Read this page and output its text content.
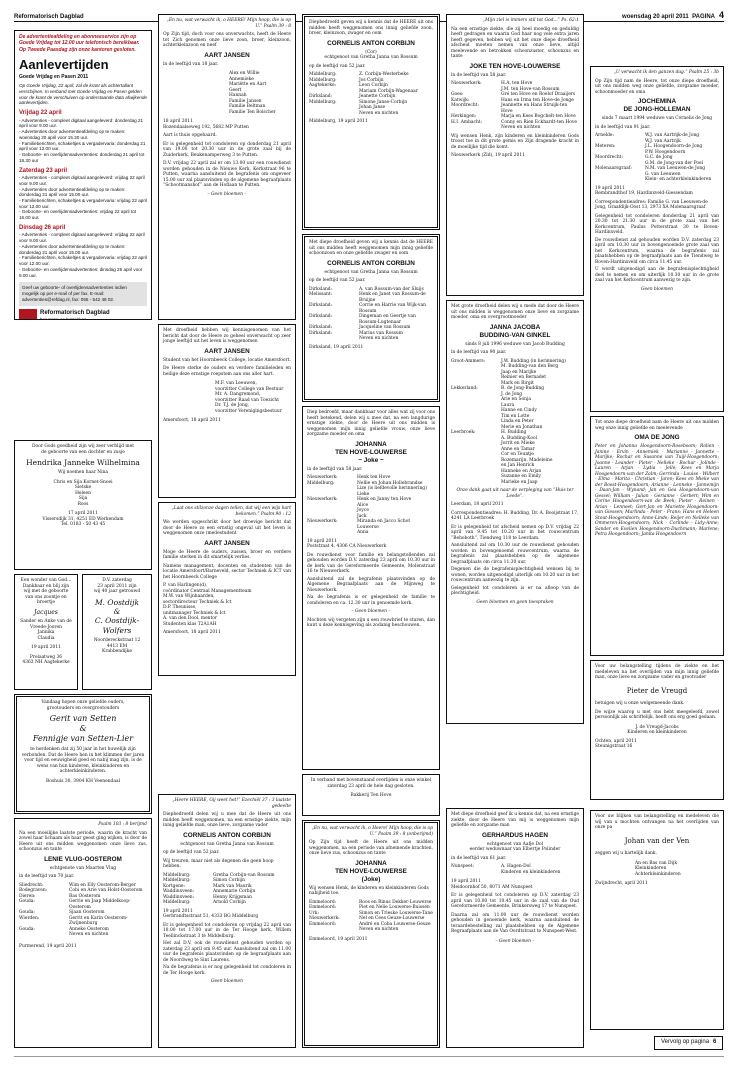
Reformatorisch Dagblad	woensdag 20 april 2011 PAGINA 4
De advertentieafdeling en abonneeservice zijn op Goede Vrijdag tot 12.00 uur telefonisch bereikbaar. Op Tweede Paasdag zijn onze kantoren gesloten.
Aanlevertijden
Goede Vrijdag en Pasen 2011
Op Goede Vrijdag, 22 april, zal de krant als achtertallant verschijnen. In verband met Goede Vrijdag en Pasen gelden voor de krant de verschuiven op onderstaande data afwijkende aanlevertijden.
Vrijdag 22 april
- Advertenties - compleet digitaal aangeleverd: donderdag 21 april voor 9.00 uur.
- Advertenties door advertentieafdeling op te maken: woensdag 20 april voor 15.30 uur.
- Familieberichten, schakeltjes & vergadervaria: donderdag 21 april voor 12.00 uur.
- Geboorte- en overlijdensadvertenties: donderdag 21 april tot 18.30 uur
Zaterdag 23 april
- Advertenties - compleet digitaal aangeleverd: vrijdag 22 april voor 9.00 uur.
- Advertenties door advertentieafdeling op te maken: donderdag 21 april voor 15.00 uur.
- Familieberichten, schakeltjes & vergadervaria: vrijdag 22 april voor 12.00 uur.
- Geboorte- en overlijdensadvertenties: vrijdag 22 april tot 16.00 uur.
Dinsdag 26 april
- Advertenties - compleet digitaal aangeleverd: vrijdag 22 april voor 9.00 uur.
- Advertenties door advertentieafdeling op te maken: donderdag 21 april voor 15.00 uur.
- Familieberichten, schakeltjes & vergadervaria: vrijdag 22 april voor 12.00 uur.
- Geboorte- en overlijdensadvertenties: dinsdag 26 april voor 9.00 uur.
Geef uw geboorte- of overlijdensadvertenties indien mogelijk op per e-mail of per fax. E-mail: advertenties@refdag.nl, fax: 055 - 542 48 02.
Reformatorisch Dagblad
bewogen en betrokken
Door Gods goedheid zijn wij zeer verblijd met
de geboorte van een dochter en zusje
Hendrika Janneke Wilhelmina
Wij noemen haar Nina
Chris en Sija Kornet-Snoei
Sietske
Heleen
Sija
Roos
17 april 2011
Vissersdijk 31, 4251 ED Werkendam
Tel. 0183 - 50 43 45
Een wonder van God...
Dankbaar en blij zijn
wij met de geboorte
van ons zoontje en
broertje
Jacques
Sander en Anke van de
Vreede-Jooren
Jannika
Claudia
19 april 2011
Prelaatweg 36
4363 NH Aagtekerke
D.V. zaterdag
23 april 2011 zijn
wij 40 jaar getrouwd
M. Oostdijk
&
C. Oostdijk-
Wolfers
Noordereckstraat 12
4413 EM
Krabbendijke
Vandaag hopen onze geliefde ouders,
grootouders en overgrootouders
Gerit van Setten
&
Fennigje van Setten-Lier
te herdenken dat zij 50 jaar in het huwelijk zijn verbonden. Dat de Heere hen in het klimmen der jaren voor tijd en eeuwigheid goed en nabij mag zijn, is de wens van hun kinderen, kleinkinderen en achterkleinkinderen.
Boshuis 30, 3904 KH Veenendaal
Psalm 103 : 8 berijmd
Na een moeilijke laatste periode, waarin de kracht van zowel haar lichaam als haar geest ging wijken, is door de Heere uit ons midden weggenomen onze lieve zus, schoonzus en tante
LENIE VLUG-OOSTEROM
echtgenote van Maarten Vlug
in de leeftijd van 70 jaar.
Sliedrecht:	Wim en Elly Oosterom-Berger
Bodegraven:	Cobi en Arie van Holst-Oosterom
Dieren:	Bas Oosterom
Gouda:	Gerrie en Jaap Middelkoop-Oosterom
Gouda:	Sjaan Oosterom
Wierden:	Gerrit en Karin Oosterom-Zwijnenburg
Gouda:	Anneke Oosterom
Neven en nichten
Purmerend, 19 april 2011
„En nu, wat verwacht ik, o HEERE! Mijn hoop, die is op U.” Psalm 39 : 8
Op Zijn tijd, doch voor ons onverwachts, heeft de Heere tot Zich genomen onze lieve zoon, broer, kleinzoon, achterkleinzoon en neef
AART JANSEN
in de leeftijd van 18 jaar.
Alex en Willie
Annemieke
Mariëtte en Aart
Geert
Hannah
Familie Jansen
Familie Beltman
Familie Ten Bolscher
18 april 2011
Rozendaalseweg 192, 5682 MP Putten
Aart is thuis opgebaard.
Er is gelegenheid tot condoleren op donderdag 21 april van 19.00 tot 20.30 uur in de grote zaal bij de Zuiderkerk, Beukenamperweg 3 te Putten.
D.V. vrijdag 22 april zal er om 13.00 uur een rouwdienst worden gehouden in de Nieuwe Kerk, Kerkstraat 96 te Putten, waarna aansluitend de begrafenis om ongeveer 15.00 uur zal plaatsvinden op de algemene begraafplaats “Schootmanshof” aan de Hoflaan te Putten.
– Geen bloemen –
Met droefheid hebben wij kennisgenomen van het bericht dat door de Heere zo geheel onverwacht op zeer jonge leeftijd uit het leven is weggenomen
AART JANSEN
Student van het Hoornbeeck College, locatie Amersfoort.
De Heere sterke de ouders en verdere familieleden en heilige deze ernstige roepstem aan ons aller hart.
M.F. van Leeuwen,
voorzitter College van Bestuur
Mr. A. Dangremond,
voorzitter Raad van Toezicht
Dr. T.J. de Jong,
voorzitter Verenigingsbestuur
Amersfoort, 18 april 2011
„Laat ons stilzonze dagen tellen, dat wij een wijs hart bekomen.” Psalm 90 : 12
We werden opgeschrikt door het droevige bericht dat door de Heere zo een ernstig ongeval uit het leven is weggenomen onze (medestudent
AART JANSEN
Moge de Heere de ouders, zussen, broer en verdere familie sterken in dit smartelijk verlies.
Namens management, docenten en studenten van de locatie Amersfoort/Barneveld, sector Techniek & ICT van het Hoornbeeck College
P. van Harlingen(d),
coördinator Centraal Managementteam
M.W. van Wijnhaarden,
sectordirecteur Techniek & Ict
D.P. Theunisse,
unitmanager Techniek & Ict
A. van den Dool, mentor
Studenten klas T2A1AH
Amersfoort, 18 april 2011
„Heere HEERE, Gij weet het!” Ezechiël 37 : 3 laatste gedeelte
Diepbedroefd delen wij u mee dat de Heere uit ons midden heeft weggenomen, na een ernstige ziekte, mijn innig geliefde man, onze lieve, zorgzame vader
CORNELIS ANTON CORBIJN
echtgenoot van Gretha Janna van Rossum
op de leeftijd van 52 jaar.
Wij treuren, maar niet als degenen die geen hoop hebben.
Middelburg:	Gretha Corbijn-van Rossum
Middelburg:	Simon Corbijn
Kortgene:	Mark van Maurik
Waddinxveen:	Annemarie Corbijn
Waddinxveen:	Henny Krijgsman
Middelburg:	Arnold Corbijn
19 april 2011
Gerbrandtsstraat 51, 4333 BG Middelburg
Er is gelegenheid tot condoleren op vrijdag 22 april van 18.00 tot 17.00 uur in de Ter Hooge kerk, Willem Teellinckstraat 3 te Middelburg.
Het zal D.V. ook de rouwdienst gehouden worden op zaterdag 23 april om 9.45 uur. Aansluitend zal om 11.00 uur de begrafenis plaatsvinden op de begraafplaats aan de Noordweg te Sint Laurens.
Na de begrafenis is er nog gelegenheid tot condoleren in de Ter Hooge kerk.
Geen bloemen
Diepbedroefd geven wij u kennis dat de HEERE uit ons midden heeft weggenomen ons innig geliefde zoon, broer, kleinzoon, zwager en oom
CORNELIS ANTON CORBIJN
(Cor)
echtgenoot van Gretha Janna van Rossum
op de leeftijd van 52 jaar.
Middelburg:	Z. Corbijn-Westerbeke
Middelburg:	Jos Corbijn
Aagtekerke:	Leon Corbijn
Mariam Corbijn-Wagenaar
Dirksland:	Jeanette Corbijn
Middelburg:	Simone Janse-Corbijn
Johan Janse
Neven en nichten
Middelburg, 19 april 2011
Met diepe droefheid geven wij u kennis dat de HEERE uit ons midden heeft weggenomen mijn innig geliefde schoonzoon en onze geliefde zwager en oom
CORNELIS ANTON CORBIJN
echtgenoot van Gretha Janna van Rossum
op de leeftijd van 52 jaar.
Dirksland:	A. van Rossum-van der Sluijs
Melissant:	Henk en Janet van Rossum-de Bruijne
Dirksland:	Corrie en Harrie van Wijk-van Rossum
Dirksland:	Dingeman en Geertje van Rossum-Lugtenaar
Dirksland:	Jacqueline van Rossum
Dirksland:	Marius van Rossum
Neven en nichten
Dirksland, 19 april 2011
Diep bedroefd, maar dankbaar voor alles wat zij voor ons heeft betekend, delen wij u mee dat, na een langdurige ernstige ziekte, door de Heere uit ons midden is weggenomen mijn innig geliefde vrouw, onze lieve zorgzame moeder en oma
JOHANNA
TEN HOVE-LOUWERSE
~ Joke ~
in de leeftijd van 58 jaar.
Nieuwerkerk:	Henk ten Hove
Middelburg:	Nellie en Johan Hollebrandse
Lize (is liefdevolle herinnering)
Lieke
Nieuwerkerk:	Henk en Janny ten Hove
Alice
Joyce
Jack
Nieuwerkerk:	Miranda en Jacco Schot
Louwerse
Anna
19 april 2011
Poststraat 4, 4306 CA Nieuwerkerk
De rouwdienst voor familie en belangstellenden zal gehouden worden D.V. zaterdag 23 april om 10.30 uur in de kerk van de Gereformeerde Gemeente, Molenstraat 16 te Nieuwerkerk.
Aansluitend zal de begrafenis plaatsvinden op de Algemene Begraafplaats aan de Mijnweg te Nieuwerkerk.
Na de begrafenis is er gelegenheid de familie te condoleren en ca. 12.30 uur in genoemde kerk.
– Geen bloemen –
Mochten wij vergeten zijn u een rouwbrief te sturen, dan kunt u deze kennisgeving als zodanig beschouwen.
In verband met bovenstaand overlijden is onze winkel zaterdag 23 april de hele dag gesloten.
Bakkerij Ten Hove
„En nu, wat verwacht ik, o Heere! Mijn hoop, die is op U.” Psalm 39 : 8 (onberijmd)
Op Zijn tijd heeft de Heere uit ons midden weggenomen, na een periode van afnemende krachten, onze lieve zus, schoonzus en tante
JOHANNA
TEN HOVE-LOUWERSE
(Joke)
Wij wensen Henk, de kinderen en kleinkinderen Gods nabijheid toe.
Emmeloord:	Roos en Rinus Dekker-Louwerse
Emmeloord:	Piet en Nelie Louwerse-Buissen
Urk:	Simon en Trieske Louwerse-Tane
Nieuwerkerk:	Nel en Cees Geuze-Louwerse
Emmeloord:	André en Coba Louwerse-Geuze
Neven en nichten
Emmeloord, 19 april 2011
„Mijn ziel is immers stil tot God...” Ps. 62:1
Na een ernstige ziekte, die zij heel moedig en geduldig heeft gedragen en waarin God haar nog vele extra jaren heeft gegeven, hebben wij uit het onze diepe droefheid afscheid moeten nemen van onze lieve, altijd meelevende en betrokken schoonzuster, schoonzus en tante
JOKE TEN HOVE-LOUWERSE
in de leeftijd van 58 jaar.
Nieuwerkerk:	H.A. ten Hove
J.M. ten Hove-van Rossum
Goes:	Gré ten Hove en Roelof Draaijers
Katwijk:	Hans en Irma ten Hove-de Jonge
Moordrecht:	Jeannette en Hans Struijk-ten Hove
Herkingen:	Marja en Kees Bogchelt-ten Hove
H.I. Ambacht:	Conny en Rien Eckhardt-ten Hove
Neven en nichten
Wij wensen Henk, zijn kinderen en kleinkinderen Gods troost toe in dit grote gemis en Zijn dragende kracht in de moeilijke tijd die komt.
Nieuwerkerk (Zld), 19 april 2011
Met grote droefheid delen wij u mede dat door de Heere uit ons midden is weggenomen onze lieve en zorgzame moeder, oma en overgrootmoeder
JANNA JACOBA
BUDDING-VAN GINKEL
sinds 8 juli 1996 weduwe van Jacob Budding
in de leeftijd van 90 jaar.
Groot-Ammers:	J.W. Budding (in herinnering)
M. Budding-van den Berg
Jaap en Marijke
Reinier en Bernadet
Mark en Birgit
Lekkerland:	B. de Jong-Budding
J. de Jong
Arie en Sonja
Laura
Hanne en Cindy
Tim en Lotte
Linda en Peter
Merie en Jonathan
Leerbroek:	H. Budding
A. Budding-Kool
Jorrit en Mieke
Anne en Tamar
Cor en Teuntje
Rozemarijn, Madeleine
en Jan Henrick
Hanneke en Arjan
Suzanne en Emily
Marieke en Jaap
Onze dank gaat uit naar de verpleging van “Huis ter Leede”.
Leerdam, 18 april 2011
Correspondentieadres: H. Budding, Dr. A. Booijstraat 17, 4241 LA Leerbroek
Er is gelegenheid tot afscheid nemen op D.V. vrijdag 22 april van 9.45 tot 10.20 uur in het rouwcentrum “Behoboth”, Tiendweg 118 te Leerdam.
Aansluitend zal om 10.30 uur de rouwdienst gehouden worden in bovengenoemd rouwcentrum, waarna de begrafenis zal plaatshebben op de algemene begraafplaats om circa 11.30 uur.
Degenen die de begrafenisplechtigheid wensen bij te wonen, worden uitgenodigd uiterlijk om 10.20 uur in het rouwcentrum aanwezig te zijn.
Gelegenheid tot condoleren is er na afloop van de plechtigheid.
Geen bloemen en geen toespraken
Met diepe droefheid geef ik u kennis dat, na een ernstige ziekte, door de Heere van mij is weggenomen mijn geliefde en zorgzame man
GERHARDUS HAGEN
echtgenoot van Aafje Dol
eerder weduwnaar van Elbertje Polinder
in de leeftijd van 61 jaar.
Nunspeet:	A. Hagen-Dol
Kinderen en kleinkinderen
19 april 2011
Meidoornhof 50, 8071 AM Nunspeet
Er is gelegenheid tot condoleren op D.V. zaterdag 23 april van 10.00 tot 10.45 uur in de zaal van de Oud Gereformeerde Gemeente, Brinkersweg 17 te Nunspeet.
Daarna zal om 11.00 uur de rouwdienst worden gehouden in genoemde kerk, waarna aansluitend de teraardebestelling zal plaatshebben op de Algemene Begraafplaats aan de Van Oordtstraat te Nunspeet-West.
– Geen bloemen –
„U verwacht ik den ganzen dag.” Psalm 25 : 3b
Op Zijn tijd nam de Heere, tot onze diepe droefheid, uit ons midden weg onze geliefde, zorgzame moeder, schoonmoeder en oma
JOCHEMINA
DE JONG-HOLLEMAN
sinds 7 maart 1994 weduwe van Cornelis de Jong
in de leeftijd van 91 jaar.
Arnelde:	W.J. van Aartrijk-de Jong
W.J. van Aartrijk
Meteren:	J.L. Hoogendoorn-de Jong
P.W. Hoogendoorn
Moordrecht:	G.C. de Jong
G.M. de Jong-van der Poel
Molenaarsgraaf:	N.M. van Leeuwen-de Jong
G. van Leeuwen
Klein- en achterkleinkinderen
19 april 2011
Rembrandthof 19, Hardinxveld-Giessendam
Correspondentieadres: Familie G. van Leeuwen-de Jong, Graafdijk-Oost 13, 2973 XA Molenaarsgraaf
Gelegenheid tot condoleren donderdag 21 april van 20.30 tot 21.30 uur in de grote zaal van het Kerkcentrum, Paulus Potterstraat 30 te Boven-Hardinxveld.
De rouwdienst zal gehouden worden D.V. zaterdag 23 april om 10.30 uur in bovengenoemde grote zaal van het Kerkcentrum, waarna de begrafenis zal plaatshebben op de begraafplaats aan de Tiendweg te Boven-Hardinxveld om circa 11.45 uur.
U wordt uitgenodigd aan de begrafenisplechtigheid deel te nemen en om uiterlijk 10.30 uur in de grote zaal van het Kerkcentrum aanwezig te zijn.
Geen bloemen
Tot onze diepe droefheid nam de Heere uit ons midden weg onze innig geliefde en meelevende
OMA DE JONG
Peter en Johanna Hoogendoorn-Roseboom; Rolien - Janine - Ervin - Annemiek - Marianne - Jannette - Marijke; Rochar en Susanne van Tuijl-Hoogendoorn; Joanne - Leander - Pieter - Nelleke - Rochar - Jolinde - Lauren - Arjan - Lydia - Jelle; Kees en Marja Hoogendoorn-van der Zalm; Gerrinda - Louise - Wilbert - Elma - Marita - Christian - Jaren; Kees en Mieke van der Boest-Hoogendoorn; Arianne - Lenneke - Jannemijn - Daan-Jan - Wynand; Jan en Gea Hoogendoorn-van Gessel; William - Julian - Gerianne - Gerbert; Wim en Corine Hoogendoorn-van de Beek; Pieter - Reinen - Arian - Lenneet; Gert-Jan en Mariette Hoogendoorn-van Giessen; Marlinda - Peter - Frans; Hans en Heleen Stout-Hoogendoorn; Anne-Linde; Reijer en Nelleke van Ommeren-Hoogendoorn; Nick - Corlinde - Lidy-Anne; Sander en Evelien Hoogendoorn-Duchmann; Marlene; Petra Hoogendoorn; Janita Hoogendoorn
Voor uw belangstelling tijdens de ziekte en het medeleven na het overlijden van mijn innig geliefde man, onze lieve en zorgzame vader en grootvader
Pieter de Vreugd
betuigen wij u onze welgemeende dank.
De wijze waarop u met ons hebt meegeleefd, zowel persoonlijk als schriftelijk, heeft ons erg goed gedaan.
J. de Vreugd-Jacobs
Kinderen en kleinkinderen
Ochten, april 2011
Steunigstraat 16
Voor uw blijken van belangstelling en medeleven die wij van u mochten ontvangen na het overlijden van onze pa
Johan van der Ven
zeggen wij u hartelijk dank.
An en Bas van Dijk
Kleinkinderen
Achterkleinkinderen
Zwijndrecht, april 2011
Vervolg op pagina 6
